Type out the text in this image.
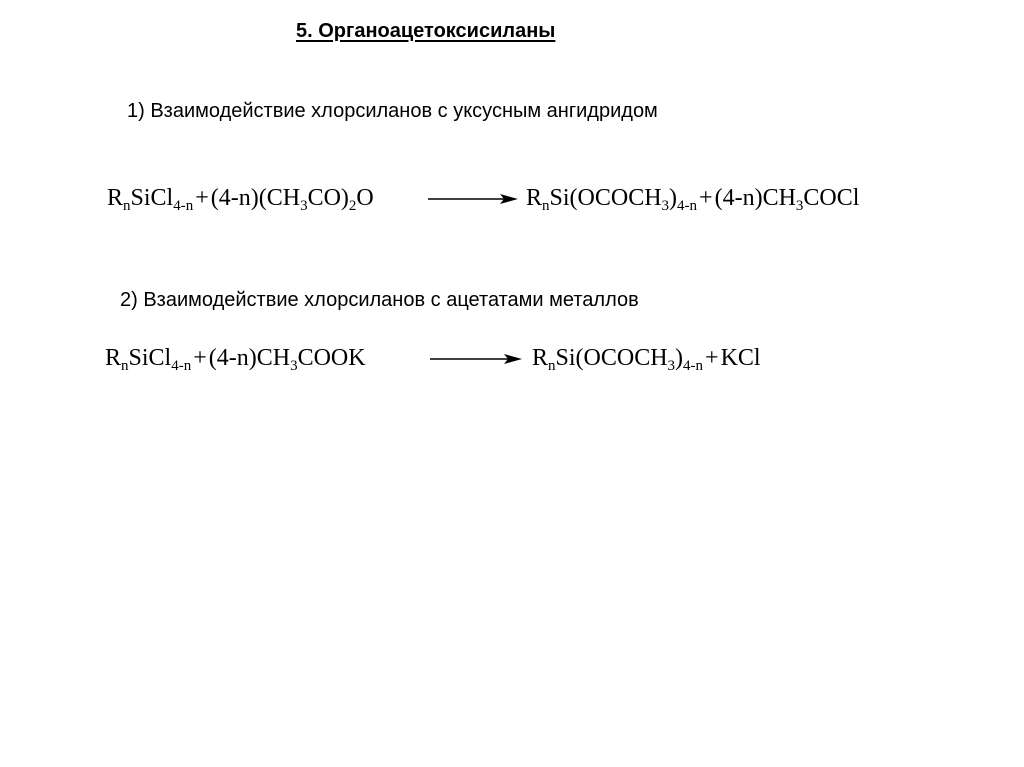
5. Органоацетоксисиланы
1) Взаимодействие хлорсиланов с уксусным ангидридом
$R_nSiCl_{4-n}+(4-n)(CH_3CO)_2O$	$R_nSi(OCOCH_3)_{4-n}+(4-n)CH_3COCl$
2) Взаимодействие хлорсиланов с ацетатами металлов
$R_nSiCl_{4-n}+(4-n)CH_3COOK$	$R_nSi(OCOCH_3)_{4-n}+KCl$
